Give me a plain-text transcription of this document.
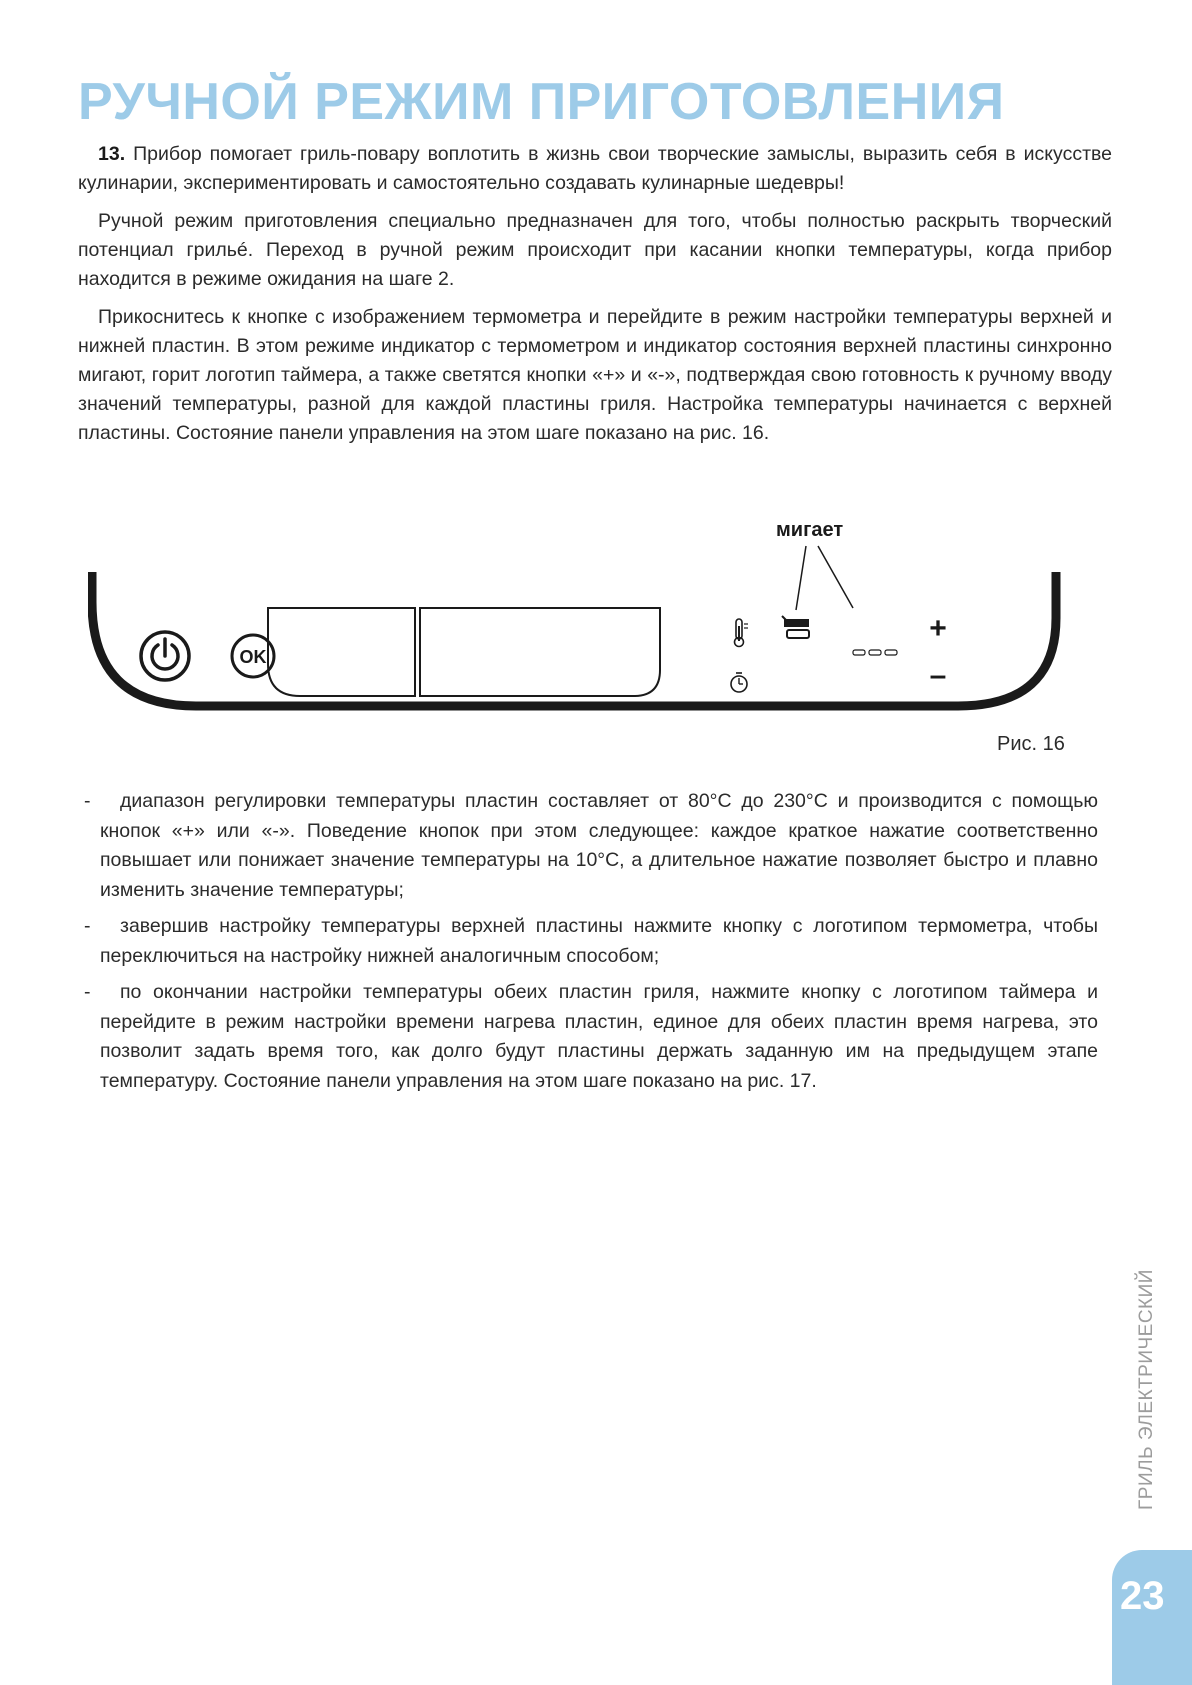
РУЧНОЙ РЕЖИМ ПРИГОТОВЛЕНИЯ

13. Прибор помогает гриль-повару воплотить в жизнь свои творческие замыслы, выразить себя в искусстве кулинарии, экспериментировать и самостоятельно создавать кулинарные шедевры!

Ручной режим приготовления специально предназначен для того, чтобы полностью раскрыть творческий потенциал грильé. Переход в ручной режим происходит при касании кнопки температуры, когда прибор находится в режиме ожидания на шаге 2.

Прикоснитесь к кнопке с изображением термометра и перейдите в режим настройки температуры верхней и нижней пластин. В этом режиме индикатор с термометром и индикатор состояния верхней пластины синхронно мигают, горит логотип таймера, а также светятся кнопки «+» и «-», подтверждая свою готовность к ручному вводу значений температуры, разной для каждой пластины гриля. Настройка температуры начинается с верхней пластины. Состояние панели управления на этом шаге показано на рис. 16.

мигает
OK
+
–
Рис. 16
-	диапазон регулировки температуры пластин составляет от 80°С до 230°С и производится с помощью кнопок «+» или «-». Поведение кнопок при этом следующее: каждое краткое нажатие соответственно повышает или понижает значение температуры на 10°С, а длительное нажатие позволяет быстро и плавно изменить значение температуры;
-	завершив настройку температуры верхней пластины нажмите кнопку с логотипом термометра, чтобы переключиться на настройку нижней аналогичным способом;
-	по окончании настройки температуры обеих пластин гриля, нажмите кнопку с логотипом таймера и перейдите в режим настройки времени нагрева пластин, единое для обеих пластин время нагрева, это позволит задать время того, как долго будут пластины держать заданную им на предыдущем этапе температуру. Состояние панели управления на этом шаге показано на рис. 17.
ГРИЛЬ ЭЛЕКТРИЧЕСКИЙ
23
